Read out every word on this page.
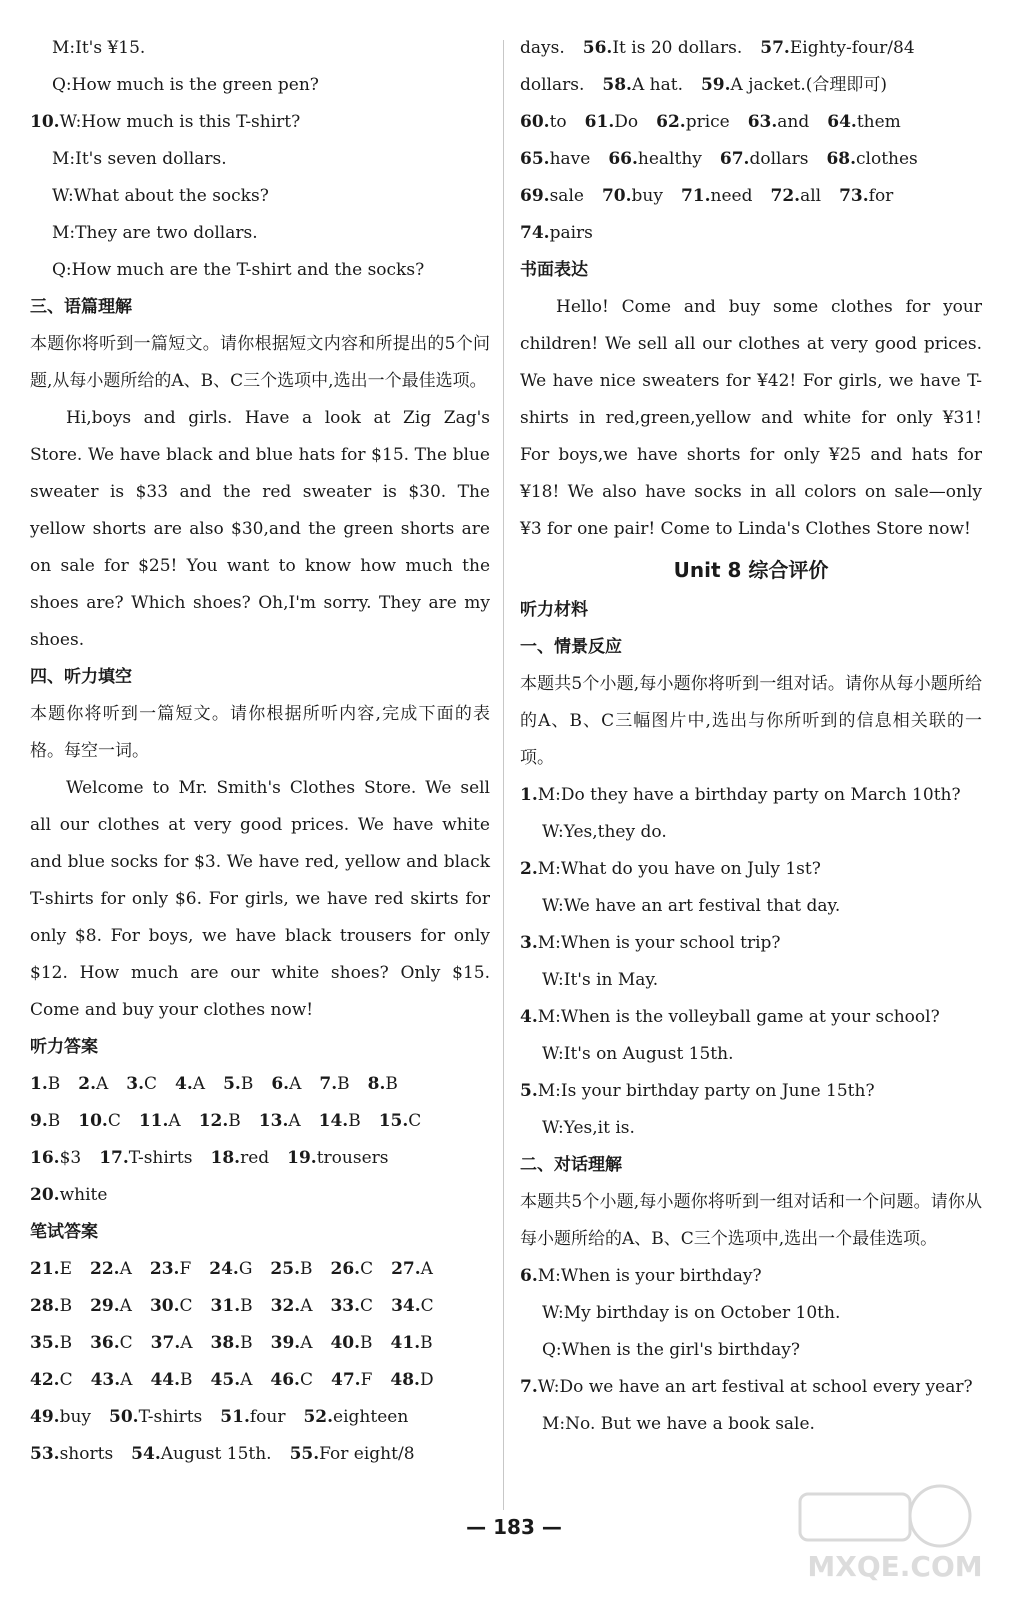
M:It's ¥15.
Q:How much is the green pen?
10.W:How much is this T-shirt?
M:It's seven dollars.
W:What about the socks?
M:They are two dollars.
Q:How much are the T-shirt and the socks?
三、语篇理解

本题你将听到一篇短文。请你根据短文内容和所提出的5个问题,从每小题所给的A、B、C三个选项中,选出一个最佳选项。

Hi,boys and girls. Have a look at Zig Zag's Store. We have black and blue hats for $15. The blue sweater is $33 and the red sweater is $30. The yellow shorts are also $30,and the green shorts are on sale for $25! You want to know how much the shoes are? Which shoes? Oh,I'm sorry. They are my shoes.

四、听力填空

本题你将听到一篇短文。请你根据所听内容,完成下面的表格。每空一词。

Welcome to Mr. Smith's Clothes Store. We sell all our clothes at very good prices. We have white and blue socks for $3. We have red, yellow and black T-shirts for only $6. For girls, we have red skirts for only $8. For boys, we have black trousers for only $12. How much are our white shoes? Only $15. Come and buy your clothes now!

听力答案
1.B 2.A 3.C 4.A 5.B 6.A 7.B 8.B
9.B 10.C 11.A 12.B 13.A 14.B 15.C
16.$3 17.T-shirts 18.red 19.trousers
20.white
笔试答案
21.E 22.A 23.F 24.G 25.B 26.C 27.A
28.B 29.A 30.C 31.B 32.A 33.C 34.C
35.B 36.C 37.A 38.B 39.A 40.B 41.B
42.C 43.A 44.B 45.A 46.C 47.F 48.D
49.buy 50.T-shirts 51.four 52.eighteen
53.shorts 54.August 15th. 55.For eight/8
days. 56.It is 20 dollars. 57.Eighty-four/84
dollars. 58.A hat. 59.A jacket.(合理即可)
60.to 61.Do 62.price 63.and 64.them
65.have 66.healthy 67.dollars 68.clothes
69.sale 70.buy 71.need 72.all 73.for
74.pairs
书面表达

Hello! Come and buy some clothes for your children! We sell all our clothes at very good prices. We have nice sweaters for ¥42! For girls, we have T-shirts in red,green,yellow and white for only ¥31! For boys,we have shorts for only ¥25 and hats for ¥18! We also have socks in all colors on sale—only ¥3 for one pair! Come to Linda's Clothes Store now!

Unit 8 综合评价
听力材料
一、情景反应

本题共5个小题,每小题你将听到一组对话。请你从每小题所给的A、B、C三幅图片中,选出与你所听到的信息相关联的一项。

1.M:Do they have a birthday party on March 10th?
W:Yes,they do.
2.M:What do you have on July 1st?
W:We have an art festival that day.
3.M:When is your school trip?
W:It's in May.
4.M:When is the volleyball game at your school?
W:It's on August 15th.
5.M:Is your birthday party on June 15th?
W:Yes,it is.
二、对话理解

本题共5个小题,每小题你将听到一组对话和一个问题。请你从每小题所给的A、B、C三个选项中,选出一个最佳选项。

6.M:When is your birthday?
W:My birthday is on October 10th.
Q:When is the girl's birthday?
7.W:Do we have an art festival at school every year?
M:No. But we have a book sale.
— 183 —
MXQE.COM
